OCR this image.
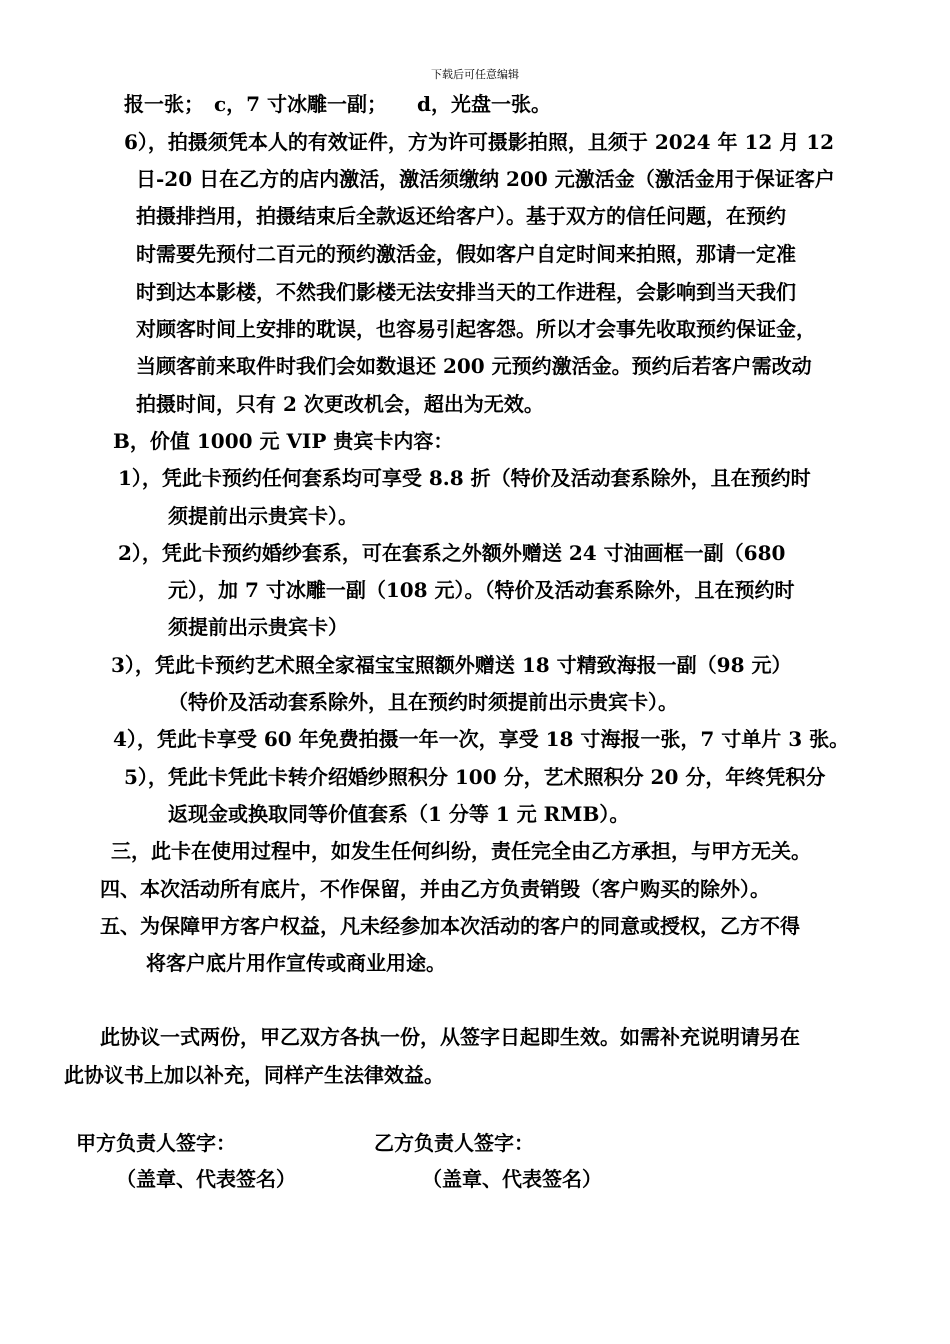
下载后可任意编辑
报一张；　c，7 寸冰雕一副；　　d，光盘一张。
6），拍摄须凭本人的有效证件，方为许可摄影拍照，且须于 2024 年 12 月 12
日-20 日在乙方的店内激活，激活须缴纳 200 元激活金（激活金用于保证客户
拍摄排挡用，拍摄结束后全款返还给客户）。基于双方的信任问题，在预约
时需要先预付二百元的预约激活金，假如客户自定时间来拍照，那请一定准
时到达本影楼，不然我们影楼无法安排当天的工作进程，会影响到当天我们
对顾客时间上安排的耽误，也容易引起客怨。所以才会事先收取预约保证金，
当顾客前来取件时我们会如数退还 200 元预约激活金。预约后若客户需改动
拍摄时间，只有 2 次更改机会，超出为无效。
B，价值 1000 元 VIP 贵宾卡内容：
1），凭此卡预约任何套系均可享受 8.8 折（特价及活动套系除外，且在预约时
须提前出示贵宾卡）。
2），凭此卡预约婚纱套系，可在套系之外额外赠送 24 寸油画框一副（680
元），加 7 寸冰雕一副（108 元）。（特价及活动套系除外，且在预约时
须提前出示贵宾卡）
3），凭此卡预约艺术照全家福宝宝照额外赠送 18 寸精致海报一副（98 元）
（特价及活动套系除外，且在预约时须提前出示贵宾卡）。
4），凭此卡享受 60 年免费拍摄一年一次，享受 18 寸海报一张，7 寸单片 3 张。
5），凭此卡凭此卡转介绍婚纱照积分 100 分，艺术照积分 20 分，年终凭积分
返现金或换取同等价值套系（1 分等 1 元 RMB）。
三，此卡在使用过程中，如发生任何纠纷，责任完全由乙方承担，与甲方无关。
四、本次活动所有底片，不作保留，并由乙方负责销毁（客户购买的除外）。
五、为保障甲方客户权益，凡未经参加本次活动的客户的同意或授权，乙方不得
将客户底片用作宣传或商业用途。
此协议一式两份，甲乙双方各执一份，从签字日起即生效。如需补充说明请另在
此协议书上加以补充，同样产生法律效益。
甲方负责人签字：	乙方负责人签字：
（盖章、代表签名）	（盖章、代表签名）
